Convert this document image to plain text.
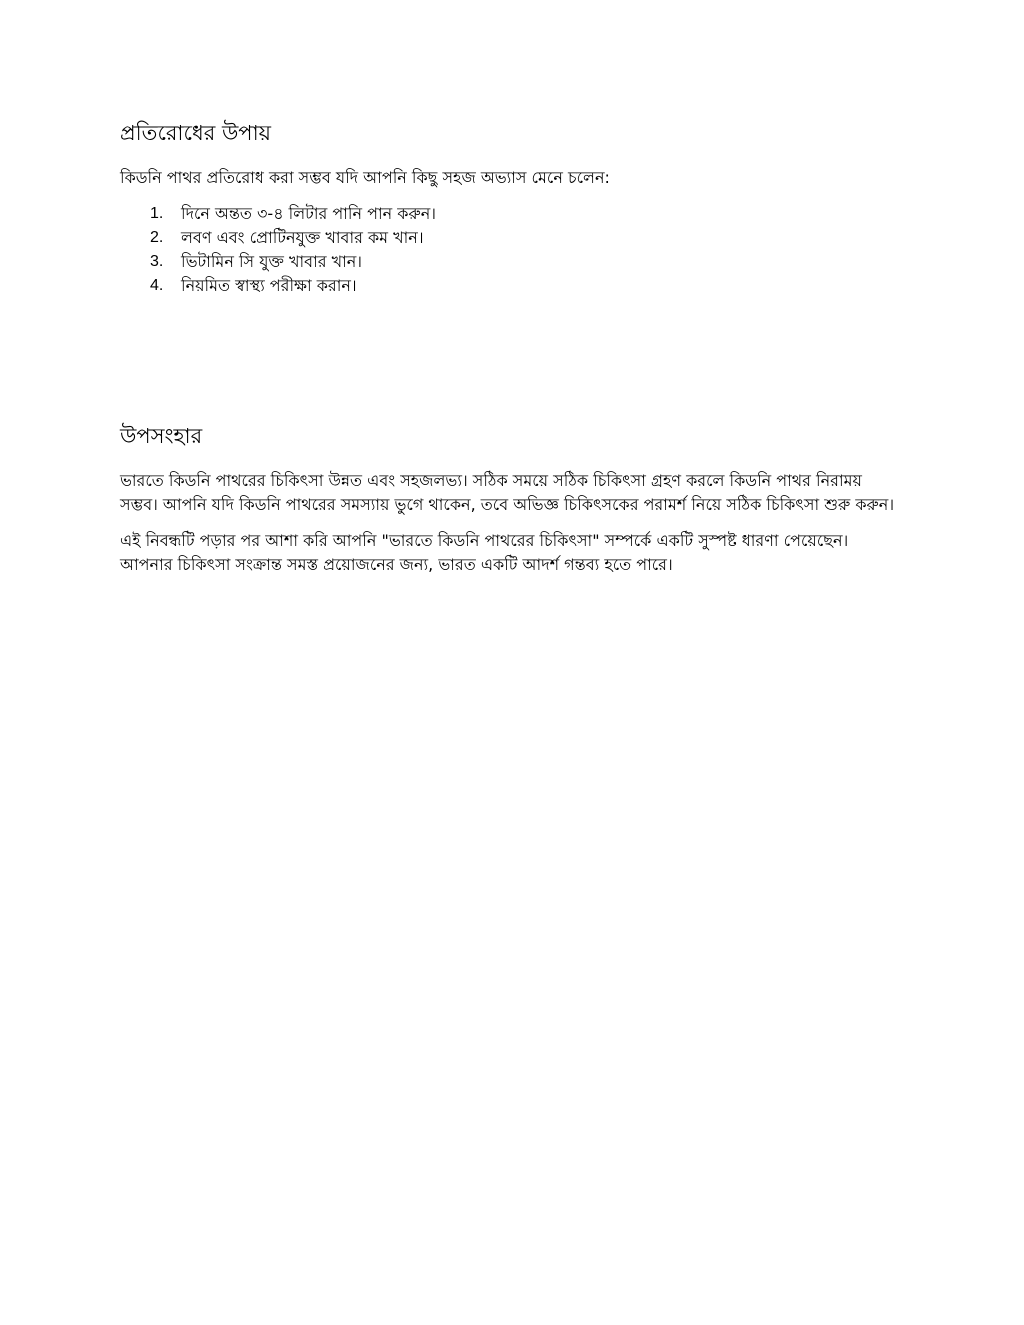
প্রতিরোধের উপায়

কিডনি পাথর প্রতিরোধ করা সম্ভব যদি আপনি কিছু সহজ অভ্যাস মেনে চলেন:

1.	দিনে অন্তত ৩-৪ লিটার পানি পান করুন।
2.	লবণ এবং প্রোটিনযুক্ত খাবার কম খান।
3.	ভিটামিন সি যুক্ত খাবার খান।
4.	নিয়মিত স্বাস্থ্য পরীক্ষা করান।
উপসংহার

ভারতে কিডনি পাথরের চিকিৎসা উন্নত এবং সহজলভ্য। সঠিক সময়ে সঠিক চিকিৎসা গ্রহণ করলে কিডনি পাথর নিরাময় সম্ভব। আপনি যদি কিডনি পাথরের সমস্যায় ভুগে থাকেন, তবে অভিজ্ঞ চিকিৎসকের পরামর্শ নিয়ে সঠিক চিকিৎসা শুরু করুন।

এই নিবন্ধটি পড়ার পর আশা করি আপনি "ভারতে কিডনি পাথরের চিকিৎসা" সম্পর্কে একটি সুস্পষ্ট ধারণা পেয়েছেন। আপনার চিকিৎসা সংক্রান্ত সমস্ত প্রয়োজনের জন্য, ভারত একটি আদর্শ গন্তব্য হতে পারে।
